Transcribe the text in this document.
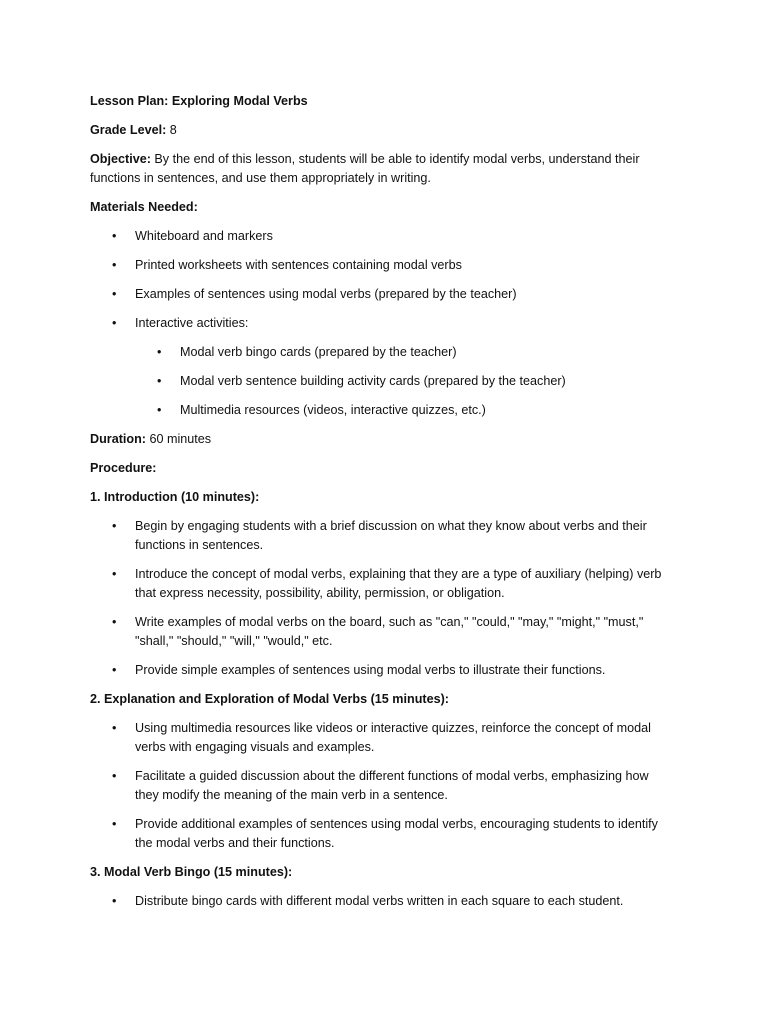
Lesson Plan: Exploring Modal Verbs

Grade Level: 8

Objective: By the end of this lesson, students will be able to identify modal verbs, understand their functions in sentences, and use them appropriately in writing.

Materials Needed:

• Whiteboard and markers
• Printed worksheets with sentences containing modal verbs
• Examples of sentences using modal verbs (prepared by the teacher)
• Interactive activities:
• Modal verb bingo cards (prepared by the teacher)
• Modal verb sentence building activity cards (prepared by the teacher)
• Multimedia resources (videos, interactive quizzes, etc.)

Duration: 60 minutes

Procedure:

1. Introduction (10 minutes):

• Begin by engaging students with a brief discussion on what they know about verbs and their functions in sentences.
• Introduce the concept of modal verbs, explaining that they are a type of auxiliary (helping) verb that express necessity, possibility, ability, permission, or obligation.
• Write examples of modal verbs on the board, such as "can," "could," "may," "might," "must," "shall," "should," "will," "would," etc.
• Provide simple examples of sentences using modal verbs to illustrate their functions.

2. Explanation and Exploration of Modal Verbs (15 minutes):

• Using multimedia resources like videos or interactive quizzes, reinforce the concept of modal verbs with engaging visuals and examples.
• Facilitate a guided discussion about the different functions of modal verbs, emphasizing how they modify the meaning of the main verb in a sentence.
• Provide additional examples of sentences using modal verbs, encouraging students to identify the modal verbs and their functions.

3. Modal Verb Bingo (15 minutes):

• Distribute bingo cards with different modal verbs written in each square to each student.
